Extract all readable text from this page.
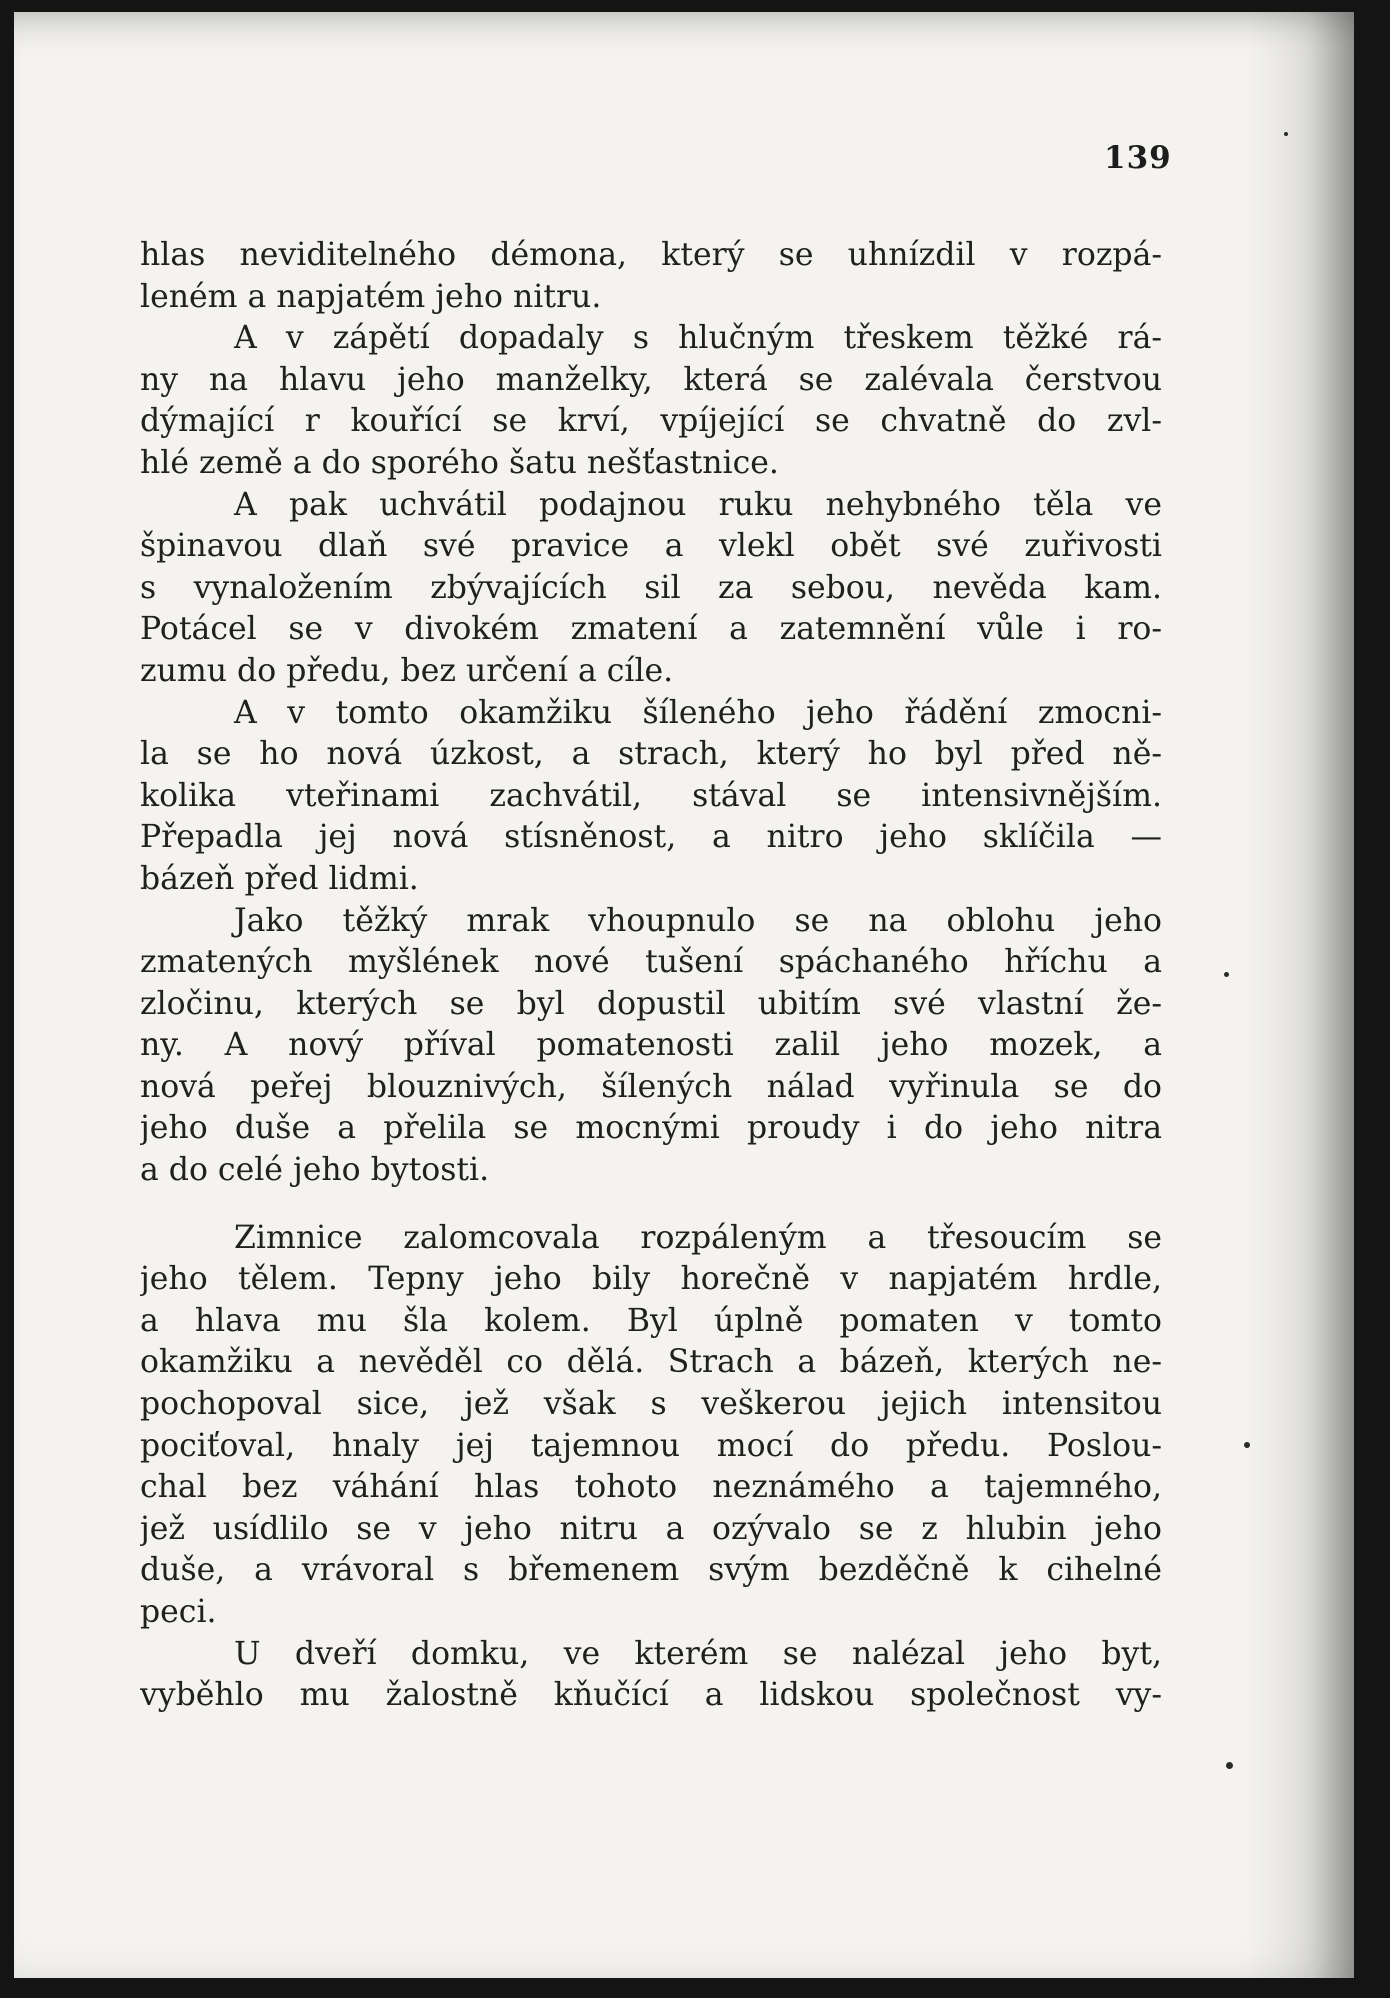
139
hlas neviditelného démona, který se uhnízdil v rozpá-
leném a napjatém jeho nitru.
A v zápětí dopadaly s hlučným třeskem těžké rá-
ny na hlavu jeho manželky, která se zalévala čerstvou
dýmající r kouřící se krví, vpíjející se chvatně do zvl-
hlé země a do sporého šatu nešťastnice.
A pak uchvátil podajnou ruku nehybného těla ve
špinavou dlaň své pravice a vlekl obět své zuřivosti
s vynaložením zbývajících sil za sebou, nevěda kam.
Potácel se v divokém zmatení a zatemnění vůle i ro-
zumu do předu, bez určení a cíle.
A v tomto okamžiku šíleného jeho řádění zmocni-
la se ho nová úzkost, a strach, který ho byl před ně-
kolika vteřinami zachvátil, stával se intensivnějším.
Přepadla jej nová stísněnost, a nitro jeho sklíčila —
bázeň před lidmi.
Jako těžký mrak vhoupnulo se na oblohu jeho
zmatených myšlének nové tušení spáchaného hříchu a
zločinu, kterých se byl dopustil ubitím své vlastní že-
ny. A nový příval pomatenosti zalil jeho mozek, a
nová peřej blouznivých, šílených nálad vyřinula se do
jeho duše a přelila se mocnými proudy i do jeho nitra
a do celé jeho bytosti.
Zimnice zalomcovala rozpáleným a třesoucím se
jeho tělem. Tepny jeho bily horečně v napjatém hrdle,
a hlava mu šla kolem. Byl úplně pomaten v tomto
okamžiku a nevěděl co dělá. Strach a bázeň, kterých ne-
pochopoval sice, jež však s veškerou jejich intensitou
pociťoval, hnaly jej tajemnou mocí do předu. Poslou-
chal bez váhání hlas tohoto neznámého a tajemného,
jež usídlilo se v jeho nitru a ozývalo se z hlubin jeho
duše, a vrávoral s břemenem svým bezděčně k cihelné
peci.
U dveří domku, ve kterém se nalézal jeho byt,
vyběhlo mu žalostně kňučící a lidskou společnost vy-
